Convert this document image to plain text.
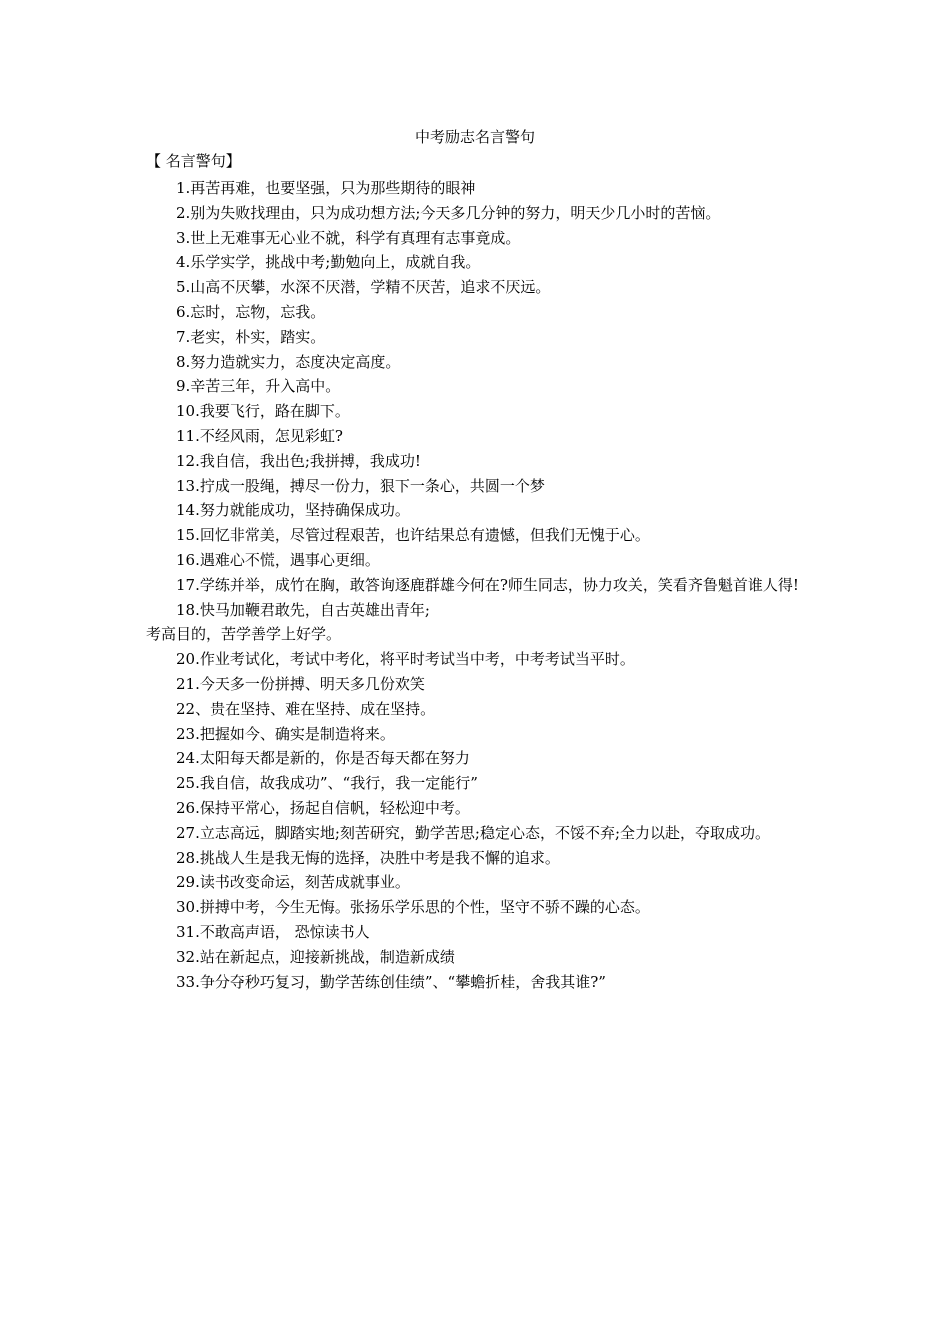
中考励志名言警句
【 名言警句】
1.再苦再难，也要坚强，只为那些期待的眼神
2.别为失败找理由，只为成功想方法;今天多几分钟的努力，明天少几小时的苦恼。
3.世上无难事无心业不就，科学有真理有志事竟成。
4.乐学实学，挑战中考;勤勉向上，成就自我。
5.山高不厌攀，水深不厌潜，学精不厌苦，追求不厌远。
6.忘时，忘物，忘我。
7.老实，朴实，踏实。
8.努力造就实力，态度决定高度。
9.辛苦三年，升入高中。
10.我要飞行，路在脚下。
11.不经风雨，怎见彩虹?
12.我自信，我出色;我拼搏，我成功!
13.拧成一股绳，搏尽一份力，狠下一条心，共圆一个梦
14.努力就能成功，坚持确保成功。
15.回忆非常美，尽管过程艰苦，也许结果总有遗憾，但我们无愧于心。
16.遇难心不慌，遇事心更细。
17.学练并举，成竹在胸，敢答询逐鹿群雄今何在?师生同志，协力攻关，笑看齐鲁魁首谁人得!
18.快马加鞭君敢先，自古英雄出青年;
考高目的，苦学善学上好学。
20.作业考试化，考试中考化，将平时考试当中考，中考考试当平时。
21.今天多一份拼搏、明天多几份欢笑
22、贵在坚持、难在坚持、成在坚持。
23.把握如今、确实是制造将来。
24.太阳每天都是新的，你是否每天都在努力
25.我自信，故我成功”、“我行，我一定能行”
26.保持平常心，扬起自信帆，轻松迎中考。
27.立志高远，脚踏实地;刻苦研究，勤学苦思;稳定心态，不馁不弃;全力以赴，夺取成功。
28.挑战人生是我无悔的选择，决胜中考是我不懈的追求。
29.读书改变命运，刻苦成就事业。
30.拼搏中考，今生无悔。张扬乐学乐思的个性，坚守不骄不躁的心态。
31.不敢高声语， 恐惊读书人
32.站在新起点，迎接新挑战，制造新成绩
33.争分夺秒巧复习，勤学苦练创佳绩”、“攀蟾折桂，舍我其谁?”
